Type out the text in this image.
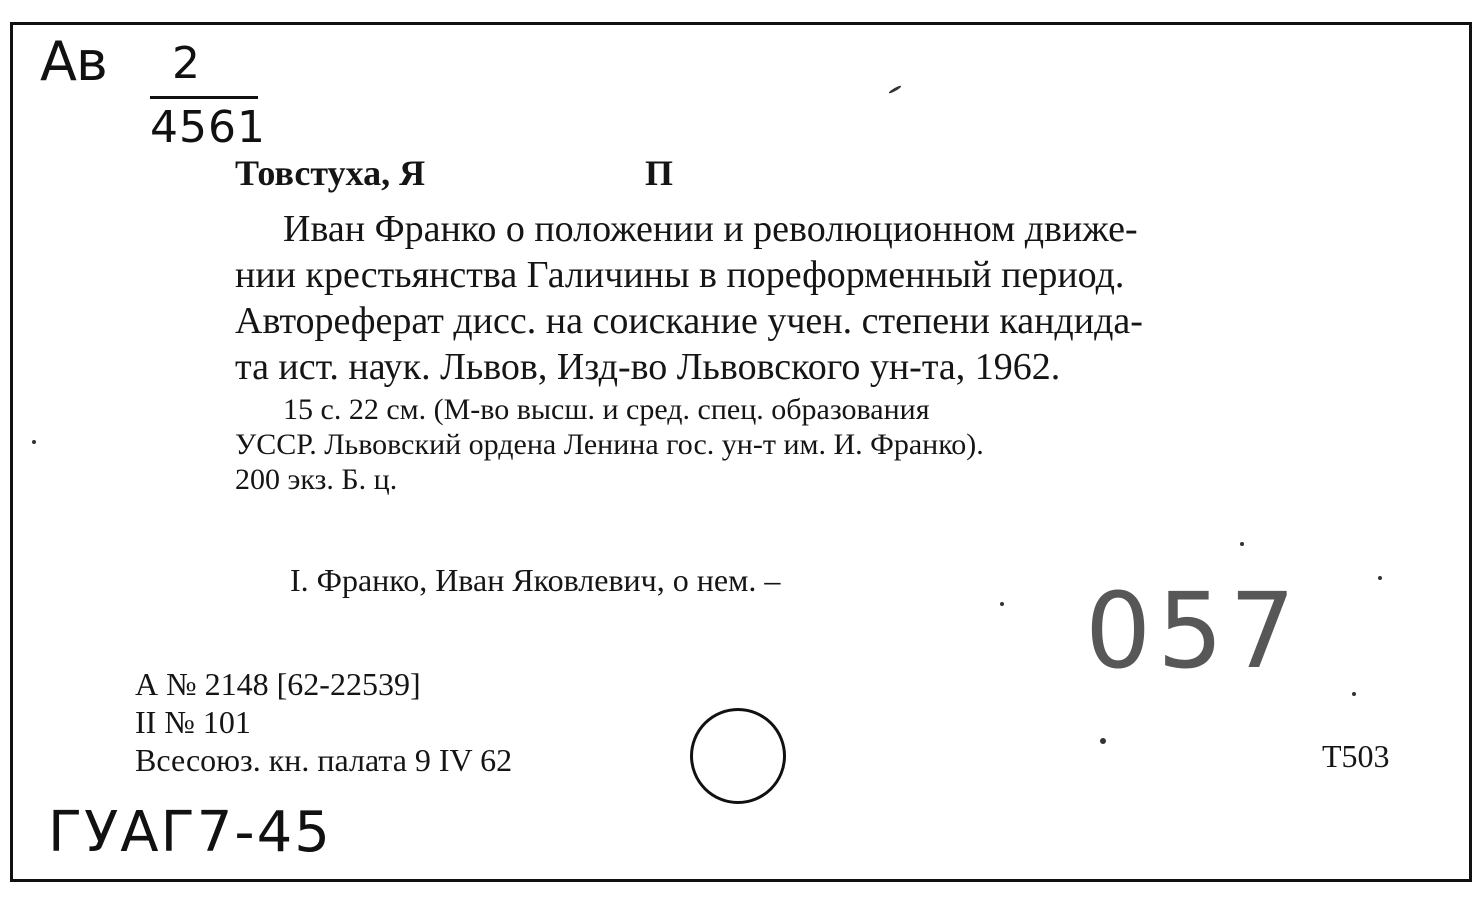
Ав 2
4561
Товстуха, Я	П
Иван Франко о положении и революционном движе-
нии крестьянства Галичины в пореформенный период.
Автореферат дисс. на соискание учен. степени кандида-
та ист. наук. Львов, Изд-во Львовского ун-та, 1962.
15 с. 22 см. (М-во высш. и сред. спец. образования
УССР. Львовский ордена Ленина гос. ун-т им. И. Франко).
200 экз. Б. ц.
I. Франко, Иван Яковлевич, о нем. –	057
А № 2148 [62-22539]
II № 101
Всесоюз. кн. палата 9 IV 62	Т503
ГУАГ7-45
